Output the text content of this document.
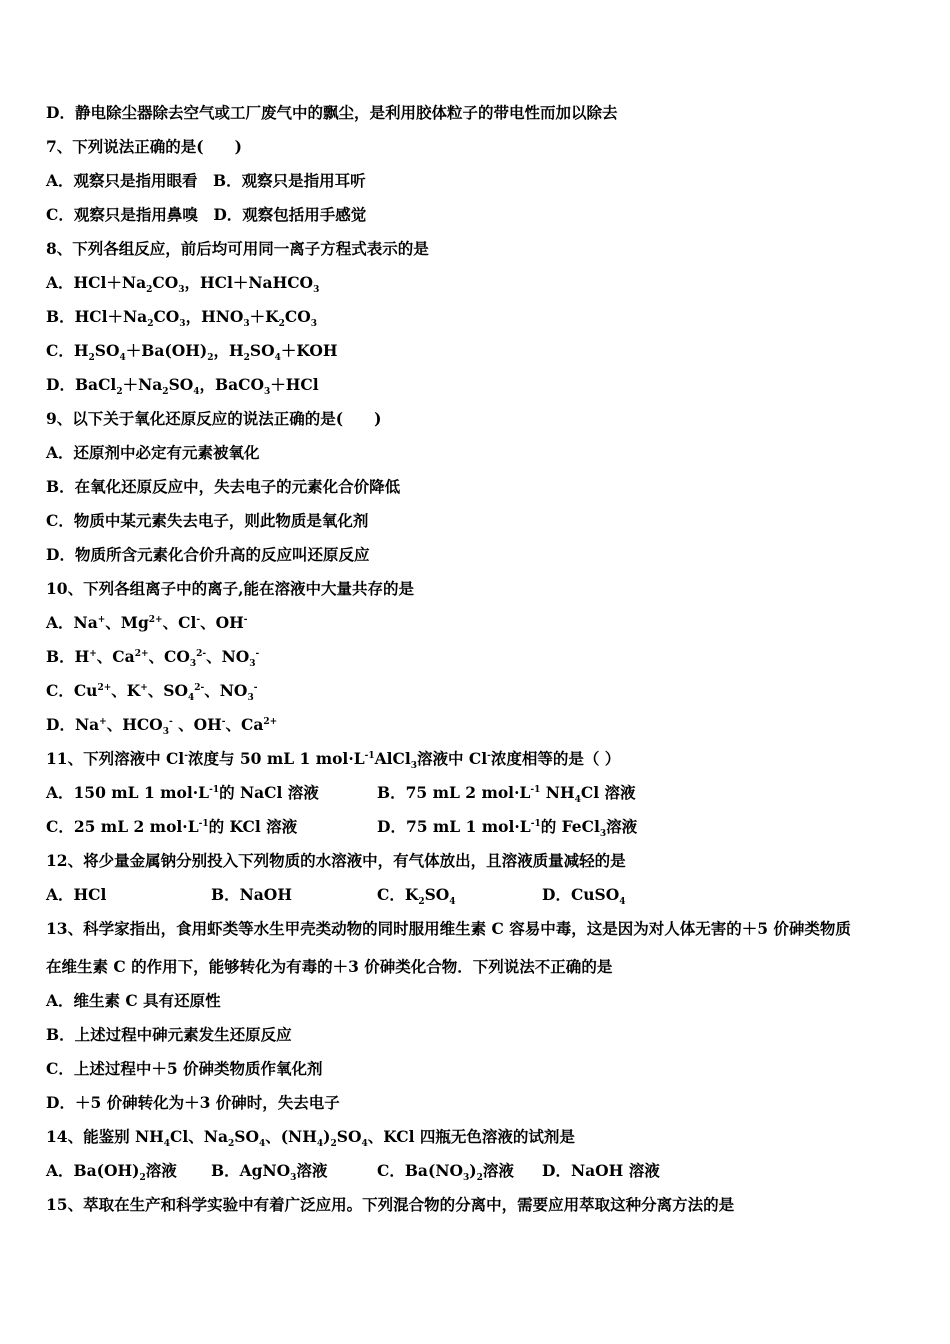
D．静电除尘器除去空气或工厂废气中的飘尘，是利用胶体粒子的带电性而加以除去
7、下列说法正确的是(　　)
A．观察只是指用眼看　B．观察只是指用耳听
C．观察只是指用鼻嗅　D．观察包括用手感觉
8、下列各组反应，前后均可用同一离子方程式表示的是
A．$HCl+Na_2CO_3$，HCl＋NaHCO$_3$
B．$HCl+Na_2CO_3$，$HNO_3+K_2CO_3$
C．$H_2SO_4+Ba(OH)_2$，$H_2SO_4+KOH$
D．$BaCl_2+Na_2SO_4$，BaCO$_3$＋HCl
9、以下关于氧化还原反应的说法正确的是(　　)
A．还原剂中必定有元素被氧化
B．在氧化还原反应中，失去电子的元素化合价降低
C．物质中某元素失去电子，则此物质是氧化剂
D．物质所含元素化合价升高的反应叫还原反应
10、下列各组离子中的离子,能在溶液中大量共存的是
A．Na+、$Mg^{2+}$、Cl-、OH-
B．H+、$Ca^{2+}$、$CO_3^{2-}$、$NO_3^-$
C．$Cu^{2+}$、K+、$SO_4^{2-}$、$NO_3^-$
D．Na+、$HCO_3^-$ 、OH-、$Ca^{2+}$
11、下列溶液中 Cl-浓度与 50 mL 1 $mol\cdot L^{-1}AlCl_3$溶液中 Cl-浓度相等的是（ ）
A．150 mL 1 $mol\cdot L^{-1}$的 NaCl 溶液	B．75 mL 2 $mol\cdot L^{-1}$ $NH_4Cl$ 溶液
C．25 mL 2 $mol\cdot L^{-1}$的 KCl 溶液	D．75 mL 1 $mol\cdot L^{-1}$的 FeCl$_3$溶液
12、将少量金属钠分别投入下列物质的水溶液中，有气体放出，且溶液质量减轻的是
A．HCl	B．NaOH	C．$K_2SO_4$	D．CuSO$_4$
13、科学家指出，食用虾类等水生甲壳类动物的同时服用维生素 C 容易中毒，这是因为对人体无害的＋5 价砷类物质
在维生素 C 的作用下，能够转化为有毒的＋3 价砷类化合物．下列说法不正确的是
A．维生素 C 具有还原性
B．上述过程中砷元素发生还原反应
C．上述过程中＋5 价砷类物质作氧化剂
D．＋5 价砷转化为＋3 价砷时，失去电子
14、能鉴别 $NH_4Cl$、$Na_2SO_4$、$(NH_4)_2SO_4$、KCl 四瓶无色溶液的试剂是
A．$Ba(OH)_2$溶液 B．AgNO$_3$溶液	C．$Ba(NO_3)_2$溶液 D．NaOH 溶液
15、萃取在生产和科学实验中有着广泛应用。下列混合物的分离中，需要应用萃取这种分离方法的是
